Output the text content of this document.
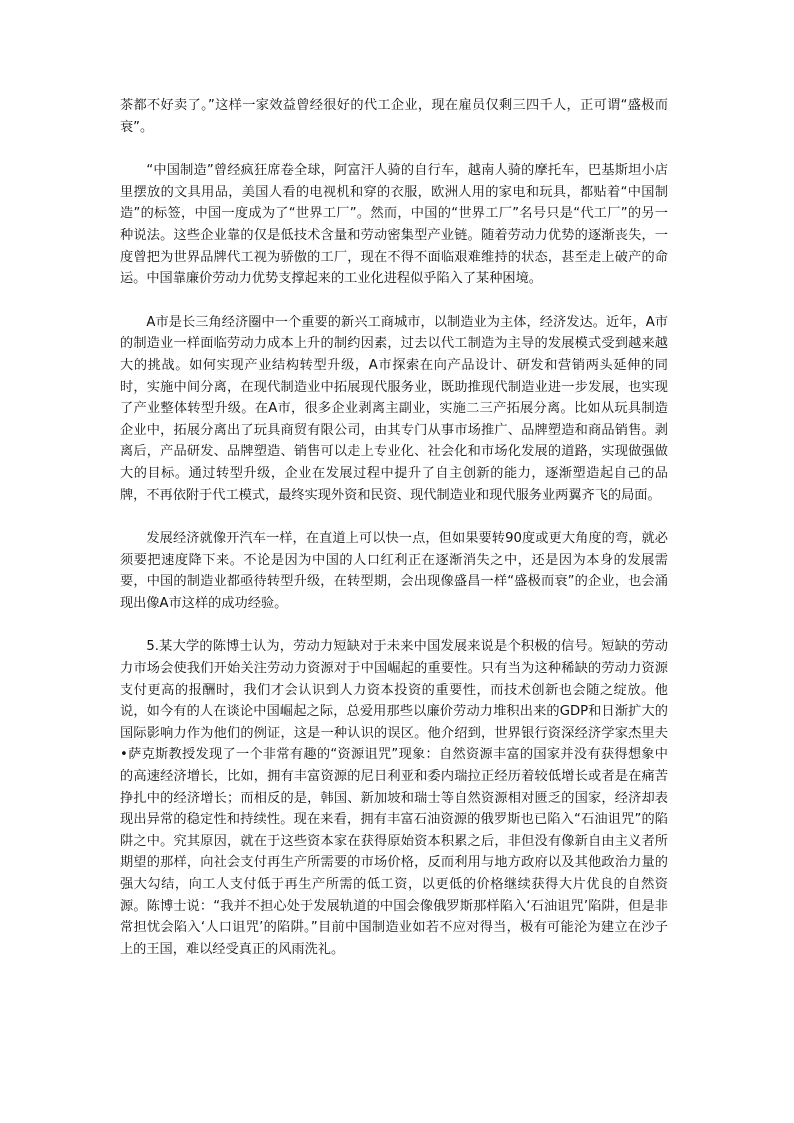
茶都不好卖了。”这样一家效益曾经很好的代工企业，现在雇员仅剩三四千人，正可谓“盛极而衰”。

“中国制造”曾经疯狂席卷全球，阿富汗人骑的自行车，越南人骑的摩托车，巴基斯坦小店里摆放的文具用品，美国人看的电视机和穿的衣服，欧洲人用的家电和玩具，都贴着“中国制造”的标签，中国一度成为了“世界工厂”。然而，中国的“世界工厂”名号只是“代工厂”的另一种说法。这些企业靠的仅是低技术含量和劳动密集型产业链。随着劳动力优势的逐渐丧失，一度曾把为世界品牌代工视为骄傲的工厂，现在不得不面临艰难维持的状态，甚至走上破产的命运。中国靠廉价劳动力优势支撑起来的工业化进程似乎陷入了某种困境。

A市是长三角经济圈中一个重要的新兴工商城市，以制造业为主体，经济发达。近年，A市的制造业一样面临劳动力成本上升的制约因素，过去以代工制造为主导的发展模式受到越来越大的挑战。如何实现产业结构转型升级，A市探索在向产品设计、研发和营销两头延伸的同时，实施中间分离，在现代制造业中拓展现代服务业，既助推现代制造业进一步发展，也实现了产业整体转型升级。在A市，很多企业剥离主副业，实施二三产拓展分离。比如从玩具制造企业中，拓展分离出了玩具商贸有限公司，由其专门从事市场推广、品牌塑造和商品销售。剥离后，产品研发、品牌塑造、销售可以走上专业化、社会化和市场化发展的道路，实现做强做大的目标。通过转型升级，企业在发展过程中提升了自主创新的能力，逐渐塑造起自己的品牌，不再依附于代工模式，最终实现外资和民资、现代制造业和现代服务业两翼齐飞的局面。

发展经济就像开汽车一样，在直道上可以快一点，但如果要转90度或更大角度的弯，就必须要把速度降下来。不论是因为中国的人口红利正在逐渐消失之中，还是因为本身的发展需要，中国的制造业都亟待转型升级，在转型期，会出现像盛昌一样“盛极而衰”的企业，也会涌现出像A市这样的成功经验。

5.某大学的陈博士认为，劳动力短缺对于未来中国发展来说是个积极的信号。短缺的劳动力市场会使我们开始关注劳动力资源对于中国崛起的重要性。只有当为这种稀缺的劳动力资源支付更高的报酬时，我们才会认识到人力资本投资的重要性，而技术创新也会随之绽放。他说，如今有的人在谈论中国崛起之际，总爱用那些以廉价劳动力堆积出来的GDP和日渐扩大的国际影响力作为他们的例证，这是一种认识的误区。他介绍到，世界银行资深经济学家杰里夫•萨克斯教授发现了一个非常有趣的“资源诅咒”现象：自然资源丰富的国家并没有获得想象中的高速经济增长，比如，拥有丰富资源的尼日利亚和委内瑞拉正经历着较低增长或者是在痛苦挣扎中的经济增长；而相反的是，韩国、新加坡和瑞士等自然资源相对匮乏的国家，经济却表现出异常的稳定性和持续性。现在来看，拥有丰富石油资源的俄罗斯也已陷入“石油诅咒”的陷阱之中。究其原因，就在于这些资本家在获得原始资本积累之后，非但没有像新自由主义者所期望的那样，向社会支付再生产所需要的市场价格，反而利用与地方政府以及其他政治力量的强大勾结，向工人支付低于再生产所需的低工资，以更低的价格继续获得大片优良的自然资源。陈博士说：“我并不担心处于发展轨道的中国会像俄罗斯那样陷入‘石油诅咒’陷阱，但是非常担忧会陷入‘人口诅咒’的陷阱。”目前中国制造业如若不应对得当，极有可能沦为建立在沙子上的王国，难以经受真正的风雨洗礼。
